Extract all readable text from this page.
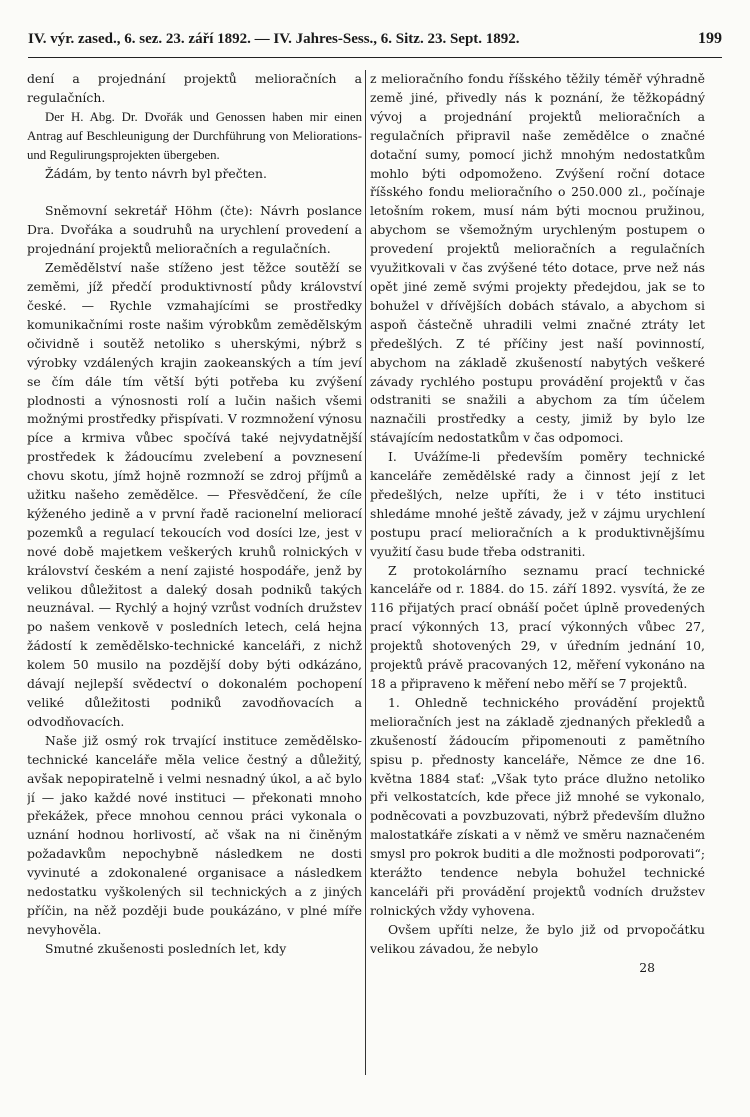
IV. výr. zased., 6. sez. 23. září 1892. — IV. Jahres-Sess., 6. Sitz. 23. Sept. 1892.	199

dení a projednání projektů melioračních a regulačních.

Der H. Abg. Dr. Dvořák und Genossen haben mir einen Antrag auf Beschleunigung der Durchführung von Meliorations- und Regulirungsprojekten übergeben.

Žádám, by tento návrh byl přečten.

Sněmovní sekretář Höhm (čte): Návrh poslance Dra. Dvořáka a soudruhů na urychlení provedení a projednání projektů melioračních a regulačních.

Zemědělství naše stíženo jest těžce soutěží se zeměmi, jíž předčí produktivností půdy království české. — Rychle vzmahajícími se prostředky komunikačními roste našim výrobkům zemědělským očividně i soutěž netoliko s uherskými, nýbrž s výrobky vzdálených krajin zaokeanských a tím jeví se čím dále tím větší býti potřeba ku zvýšení plodnosti a výnosnosti rolí a lučin našich všemi možnými prostředky přispívati. V rozmnožení výnosu píce a krmiva vůbec spočívá také nejvydatnější prostředek k žádoucímu zvelebení a povznesení chovu skotu, jímž hojně rozmnoží se zdroj příjmů a užitku našeho zemědělce. — Přesvědčení, že cíle kýženého jedině a v první řadě racionelní meliorací pozemků a regulací tekoucích vod dosíci lze, jest v nové době majetkem veškerých kruhů rolnických v království českém a není zajisté hospodáře, jenž by velikou důležitost a daleký dosah podniků takých neuznával. — Rychlý a hojný vzrůst vodních družstev po našem venkově v posledních letech, celá hejna žádostí k zemědělsko-technické kanceláři, z nichž kolem 50 musilo na pozdější doby býti odkázáno, dávají nejlepší svědectví o dokonalém pochopení veliké důležitosti podniků zavodňovacích a odvodňovacích.

Naše již osmý rok trvající instituce zemědělsko-technické kanceláře měla velice čestný a důležitý, avšak nepopiratelně i velmi nesnadný úkol, a ač bylo jí — jako každé nové instituci — překonati mnoho překážek, přece mnohou cennou práci vykonala o uznání hodnou horlivostí, ač však na ni činěným požadavkům nepochybně následkem ne dosti vyvinuté a zdokonalené organisace a následkem nedostatku vyškolených sil technických a z jiných příčin, na něž později bude poukázáno, v plné míře nevyhověla.

Smutné zkušenosti posledních let, kdy

z melioračního fondu říšského těžily téměř výhradně země jiné, přivedly nás k poznání, že těžkopádný vývoj a projednání projektů melioračních a regulačních připravil naše zemědělce o značné dotační sumy, pomocí jichž mnohým nedostatkům mohlo býti odpomoženo. Zvýšení roční dotace říšského fondu melioračního o 250.000 zl., počínaje letošním rokem, musí nám býti mocnou pružinou, abychom se všemožným urychleným postupem o provedení projektů melioračních a regulačních využitkovali v čas zvýšené této dotace, prve než nás opět jiné země svými projekty předejdou, jak se to bohužel v dřívějších dobách stávalo, a abychom si aspoň částečně uhradili velmi značné ztráty let předešlých. Z té příčiny jest naší povinností, abychom na základě zkušeností nabytých veškeré závady rychlého postupu provádění projektů v čas odstraniti se snažili a abychom za tím účelem naznačili prostředky a cesty, jimiž by bylo lze stávajícím nedostatkům v čas odpomoci.

I. Uvážíme-li především poměry technické kanceláře zemědělské rady a činnost její z let předešlých, nelze upříti, že i v této instituci shledáme mnohé ještě závady, jež v zájmu urychlení postupu prací melioračních a k produktivnějšímu využití času bude třeba odstraniti.

Z protokolárního seznamu prací technické kanceláře od r. 1884. do 15. září 1892. vysvítá, že ze 116 přijatých prací obnáší počet úplně provedených prací výkonných 13, prací výkonných vůbec 27, projektů shotovených 29, v úředním jednání 10, projektů právě pracovaných 12, měření vykonáno na 18 a připraveno k měření nebo měří se 7 projektů.

1. Ohledně technického provádění projektů melioračních jest na základě zjednaných překledů a zkušeností žádoucím připomenouti z pamětního spisu p. přednosty kanceláře, Němce ze dne 16. května 1884 stať: „Však tyto práce dlužno netoliko při velkostatcích, kde přece již mnohé se vykonalo, podněcovati a povzbuzovati, nýbrž především dlužno malostatkáře získati a v němž ve směru naznačeném smysl pro pokrok buditi a dle možnosti podporovati“; kterážto tendence nebyla bohužel technické kanceláři při provádění projektů vodních družstev rolnických vždy vyhovena.

Ovšem upříti nelze, že bylo již od prvopočátku velikou závadou, že nebylo

28
